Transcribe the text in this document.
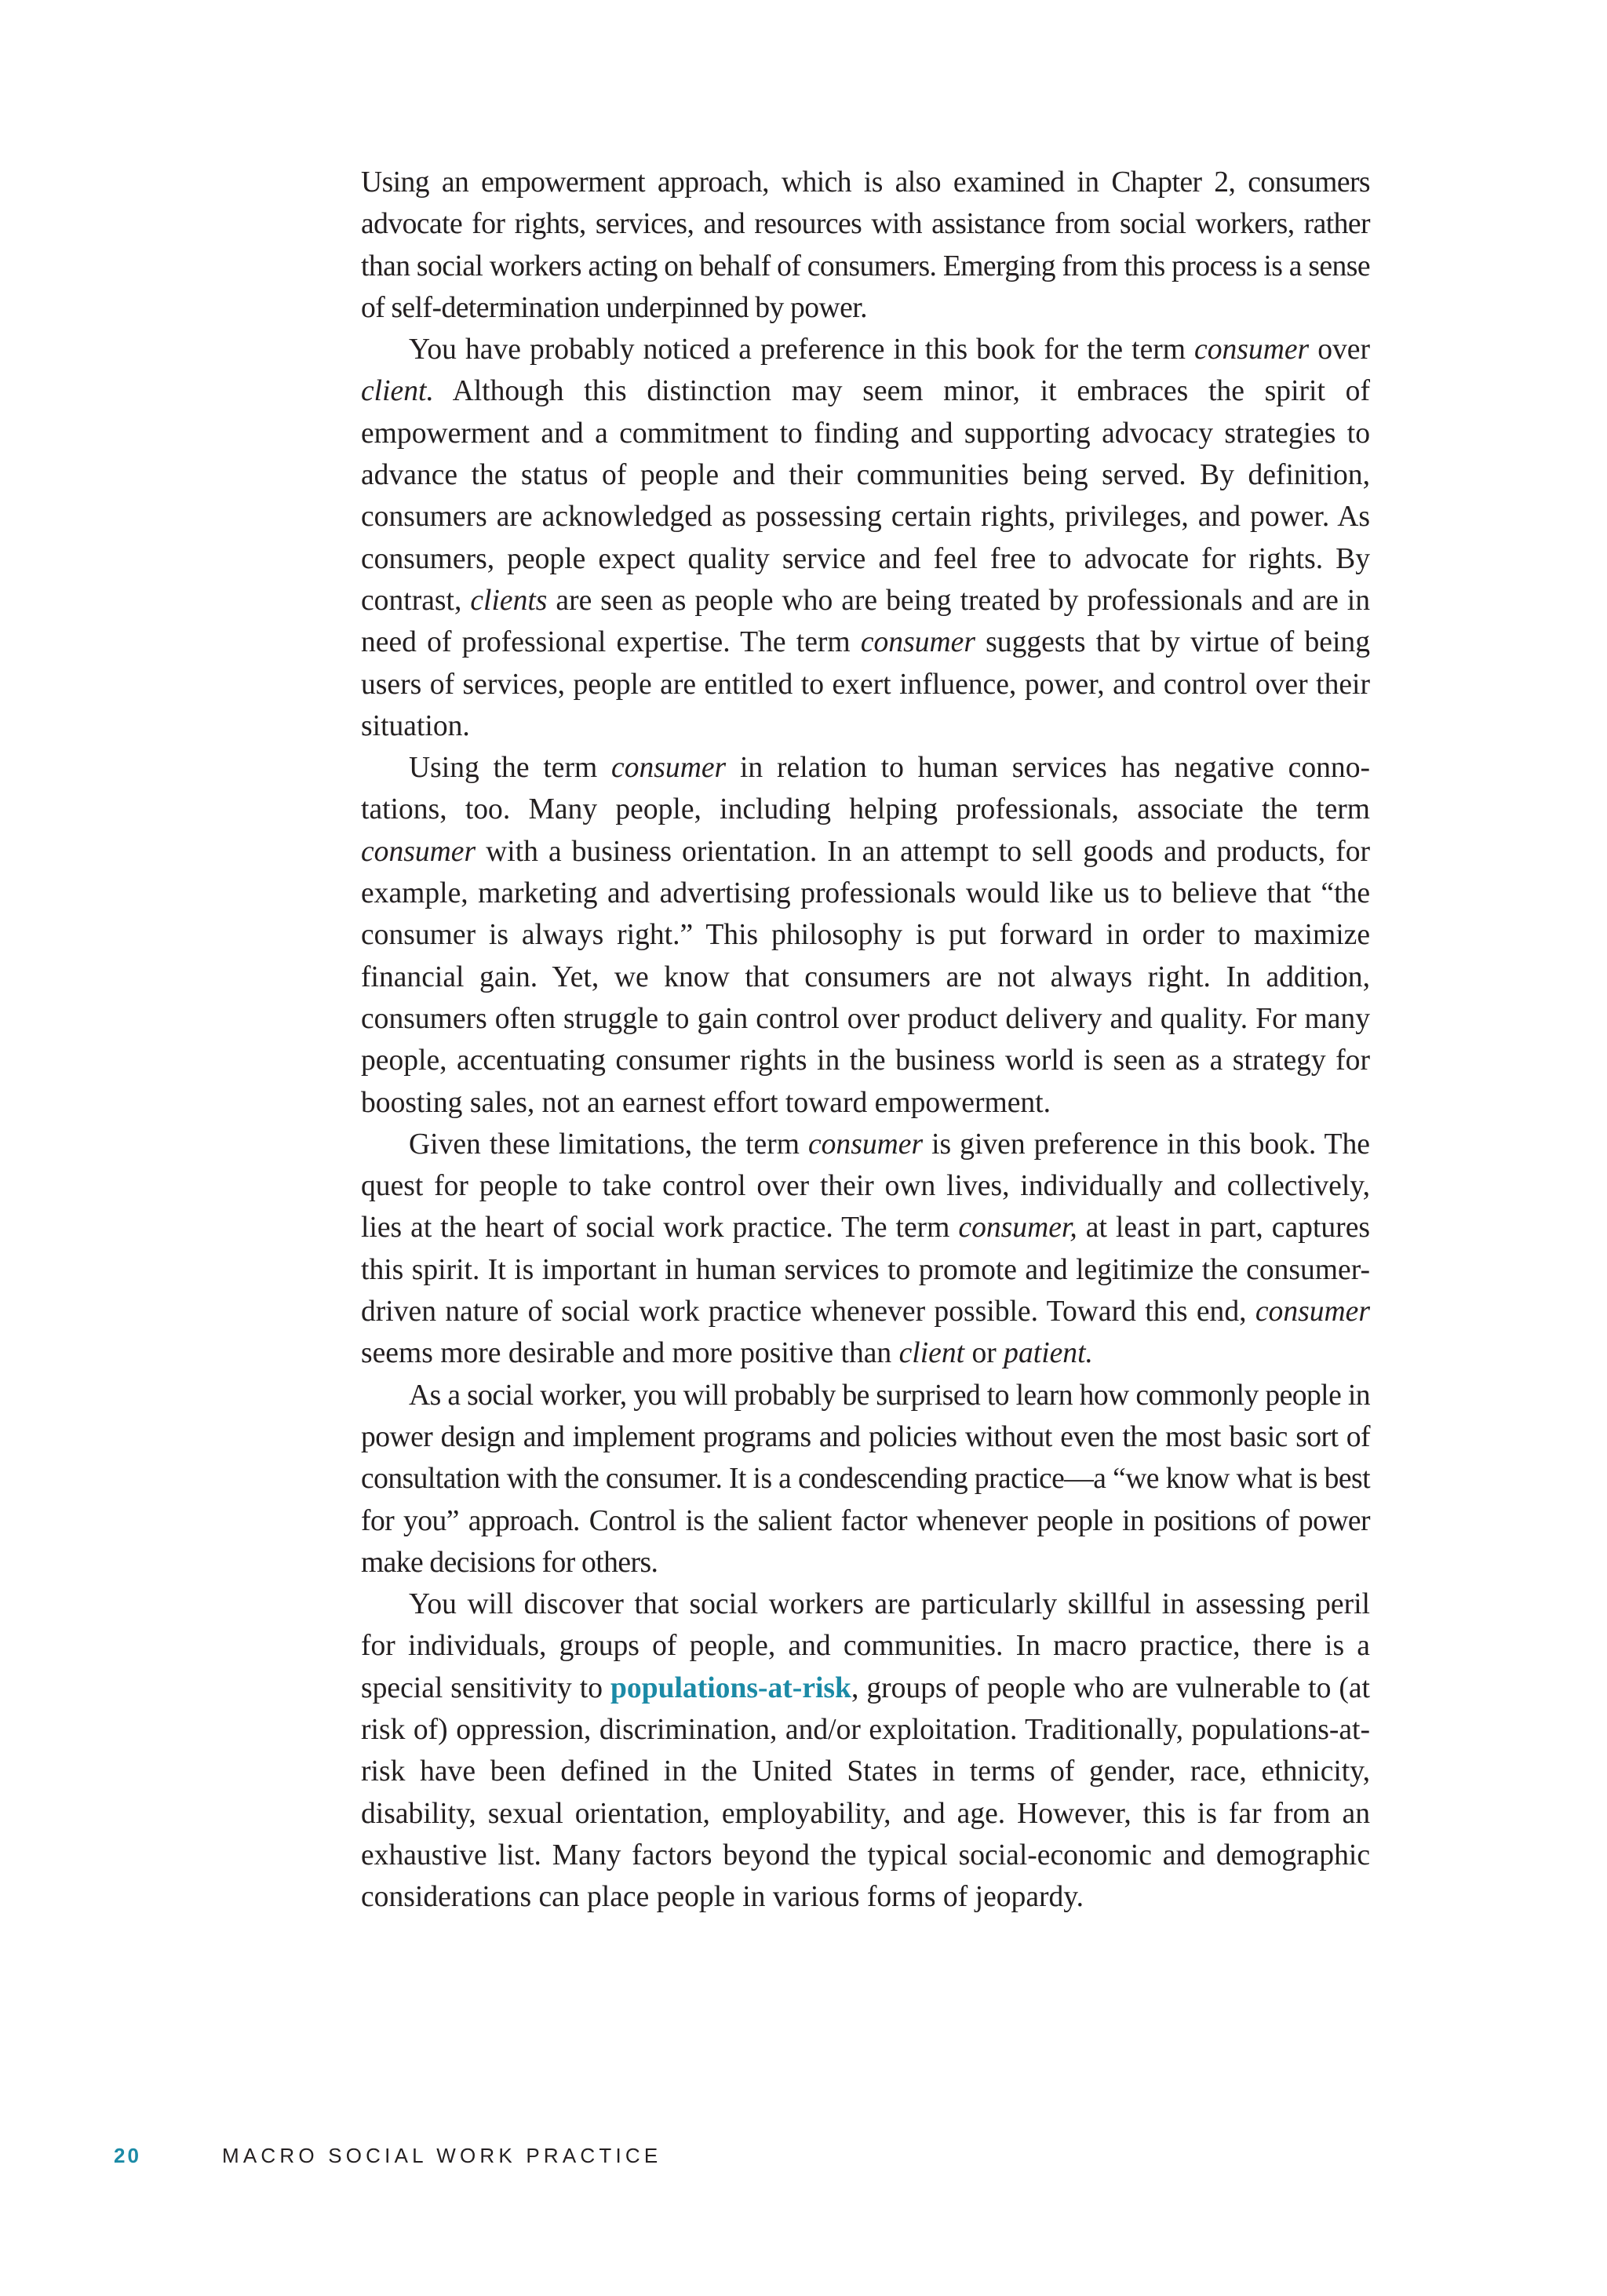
Using an empowerment approach, which is also examined in Chapter 2, consumers advocate for rights, services, and resources with assistance from social workers, rather than social workers acting on behalf of consumers. Emerging from this process is a sense of self-determination underpinned by power.

You have probably noticed a preference in this book for the term consumer over client. Although this distinction may seem minor, it embraces the spirit of empowerment and a commitment to finding and supporting advocacy strategies to advance the status of people and their communities being served. By definition, consumers are acknowledged as possessing certain rights, privileges, and power. As consumers, people expect quality service and feel free to advocate for rights. By contrast, clients are seen as people who are being treated by professionals and are in need of professional expertise. The term consumer suggests that by virtue of being users of services, people are entitled to exert influence, power, and control over their situation.

Using the term consumer in relation to human services has negative connotations, too. Many people, including helping professionals, associate the term consumer with a business orientation. In an attempt to sell goods and products, for example, marketing and advertising professionals would like us to believe that “the consumer is always right.” This philosophy is put forward in order to maximize financial gain. Yet, we know that consumers are not always right. In addition, consumers often struggle to gain control over product delivery and quality. For many people, accentuating consumer rights in the business world is seen as a strategy for boosting sales, not an earnest effort toward empowerment.

Given these limitations, the term consumer is given preference in this book. The quest for people to take control over their own lives, individually and collectively, lies at the heart of social work practice. The term consumer, at least in part, captures this spirit. It is important in human services to promote and legitimize the consumer-driven nature of social work practice whenever possible. Toward this end, consumer seems more desirable and more positive than client or patient.

As a social worker, you will probably be surprised to learn how commonly people in power design and implement programs and policies without even the most basic sort of consultation with the consumer. It is a condescending practice—a “we know what is best for you” approach. Control is the salient factor whenever people in positions of power make decisions for others.

You will discover that social workers are particularly skillful in assessing peril for individuals, groups of people, and communities. In macro practice, there is a special sensitivity to populations-at-risk, groups of people who are vulnerable to (at risk of) oppression, discrimination, and/or exploitation. Traditionally, populations-at-risk have been defined in the United States in terms of gender, race, ethnicity, disability, sexual orientation, employability, and age. However, this is far from an exhaustive list. Many factors beyond the typical social-economic and demographic considerations can place people in various forms of jeopardy.

20	MACRO SOCIAL WORK PRACTICE
